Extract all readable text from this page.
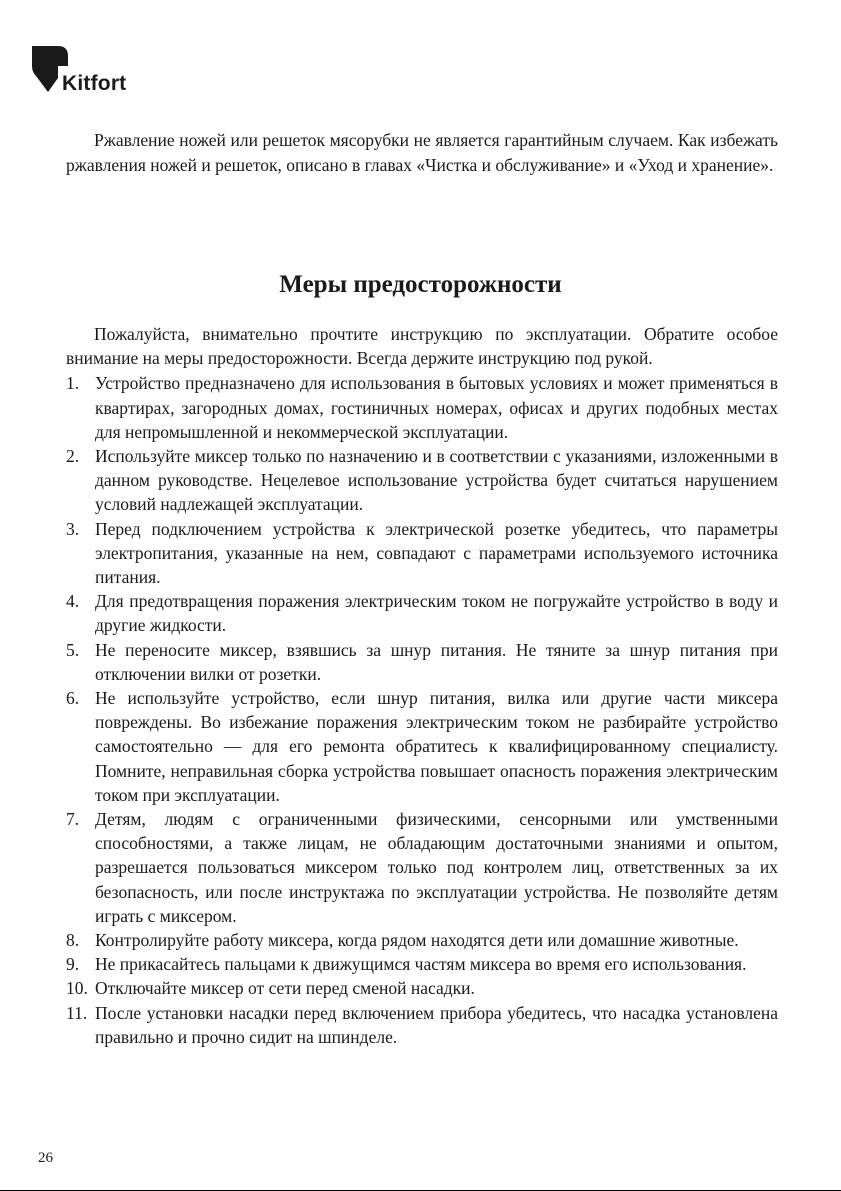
Kitfort

Ржавление ножей или решеток мясорубки не является гарантийным случаем. Как избежать ржавления ножей и решеток, описано в главах «Чистка и обслуживание» и «Уход и хранение».

Меры предосторожности

Пожалуйста, внимательно прочтите инструкцию по эксплуатации. Обратите особое внимание на меры предосторожности. Всегда держите инструкцию под рукой.

1. Устройство предназначено для использования в бытовых условиях и может применяться в квартирах, загородных домах, гостиничных номерах, офисах и других подобных местах для непромышленной и некоммерческой эксплуатации.
2. Используйте миксер только по назначению и в соответствии с указаниями, изложенными в данном руководстве. Нецелевое использование устройства будет считаться нарушением условий надлежащей эксплуатации.
3. Перед подключением устройства к электрической розетке убедитесь, что параметры электропитания, указанные на нем, совпадают с параметрами используемого источника питания.
4. Для предотвращения поражения электрическим током не погружайте устройство в воду и другие жидкости.
5. Не переносите миксер, взявшись за шнур питания. Не тяните за шнур питания при отключении вилки от розетки.
6. Не используйте устройство, если шнур питания, вилка или другие части миксера повреждены. Во избежание поражения электрическим током не разбирайте устройство самостоятельно — для его ремонта обратитесь к квалифицированному специалисту. Помните, неправильная сборка устройства повышает опасность поражения электрическим током при эксплуатации.
7. Детям, людям с ограниченными физическими, сенсорными или умственными способностями, а также лицам, не обладающим достаточными знаниями и опытом, разрешается пользоваться миксером только под контролем лиц, ответственных за их безопасность, или после инструктажа по эксплуатации устройства. Не позволяйте детям играть с миксером.
8. Контролируйте работу миксера, когда рядом находятся дети или домашние животные.
9. Не прикасайтесь пальцами к движущимся частям миксера во время его использования.
10. Отключайте миксер от сети перед сменой насадки.
11. После установки насадки перед включением прибора убедитесь, что насадка установлена правильно и прочно сидит на шпинделе.
26
